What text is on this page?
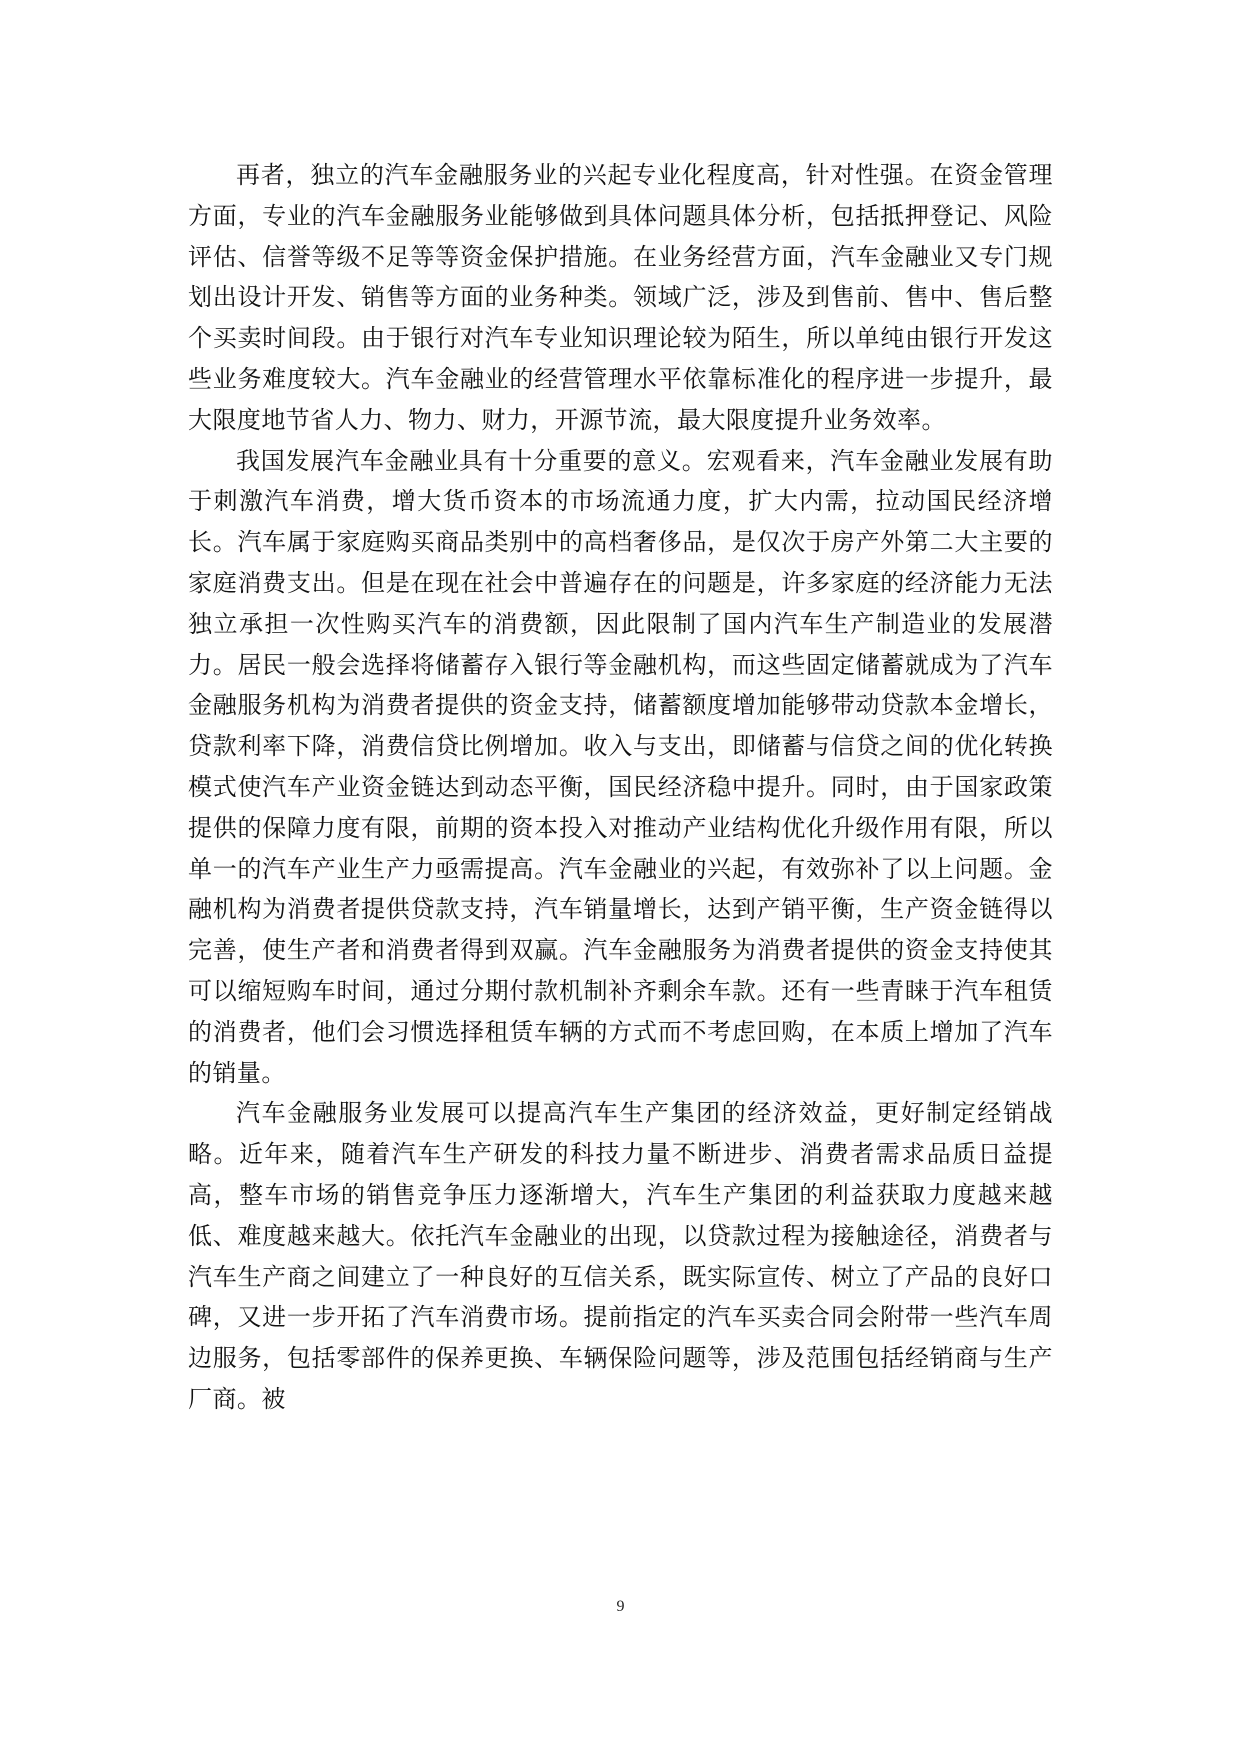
再者，独立的汽车金融服务业的兴起专业化程度高，针对性强。在资金管理方面，专业的汽车金融服务业能够做到具体问题具体分析，包括抵押登记、风险评估、信誉等级不足等等资金保护措施。在业务经营方面，汽车金融业又专门规划出设计开发、销售等方面的业务种类。领域广泛，涉及到售前、售中、售后整个买卖时间段。由于银行对汽车专业知识理论较为陌生，所以单纯由银行开发这些业务难度较大。汽车金融业的经营管理水平依靠标准化的程序进一步提升，最大限度地节省人力、物力、财力，开源节流，最大限度提升业务效率。

我国发展汽车金融业具有十分重要的意义。宏观看来，汽车金融业发展有助于刺激汽车消费，增大货币资本的市场流通力度，扩大内需，拉动国民经济增长。汽车属于家庭购买商品类别中的高档奢侈品，是仅次于房产外第二大主要的家庭消费支出。但是在现在社会中普遍存在的问题是，许多家庭的经济能力无法独立承担一次性购买汽车的消费额，因此限制了国内汽车生产制造业的发展潜力。居民一般会选择将储蓄存入银行等金融机构，而这些固定储蓄就成为了汽车金融服务机构为消费者提供的资金支持，储蓄额度增加能够带动贷款本金增长，贷款利率下降，消费信贷比例增加。收入与支出，即储蓄与信贷之间的优化转换模式使汽车产业资金链达到动态平衡，国民经济稳中提升。同时，由于国家政策提供的保障力度有限，前期的资本投入对推动产业结构优化升级作用有限，所以单一的汽车产业生产力亟需提高。汽车金融业的兴起，有效弥补了以上问题。金融机构为消费者提供贷款支持，汽车销量增长，达到产销平衡，生产资金链得以完善，使生产者和消费者得到双赢。汽车金融服务为消费者提供的资金支持使其可以缩短购车时间，通过分期付款机制补齐剩余车款。还有一些青睐于汽车租赁的消费者，他们会习惯选择租赁车辆的方式而不考虑回购，在本质上增加了汽车的销量。

汽车金融服务业发展可以提高汽车生产集团的经济效益，更好制定经销战略。近年来，随着汽车生产研发的科技力量不断进步、消费者需求品质日益提高，整车市场的销售竞争压力逐渐增大，汽车生产集团的利益获取力度越来越低、难度越来越大。依托汽车金融业的出现，以贷款过程为接触途径，消费者与汽车生产商之间建立了一种良好的互信关系，既实际宣传、树立了产品的良好口碑，又进一步开拓了汽车消费市场。提前指定的汽车买卖合同会附带一些汽车周边服务，包括零部件的保养更换、车辆保险问题等，涉及范围包括经销商与生产厂商。被

9
